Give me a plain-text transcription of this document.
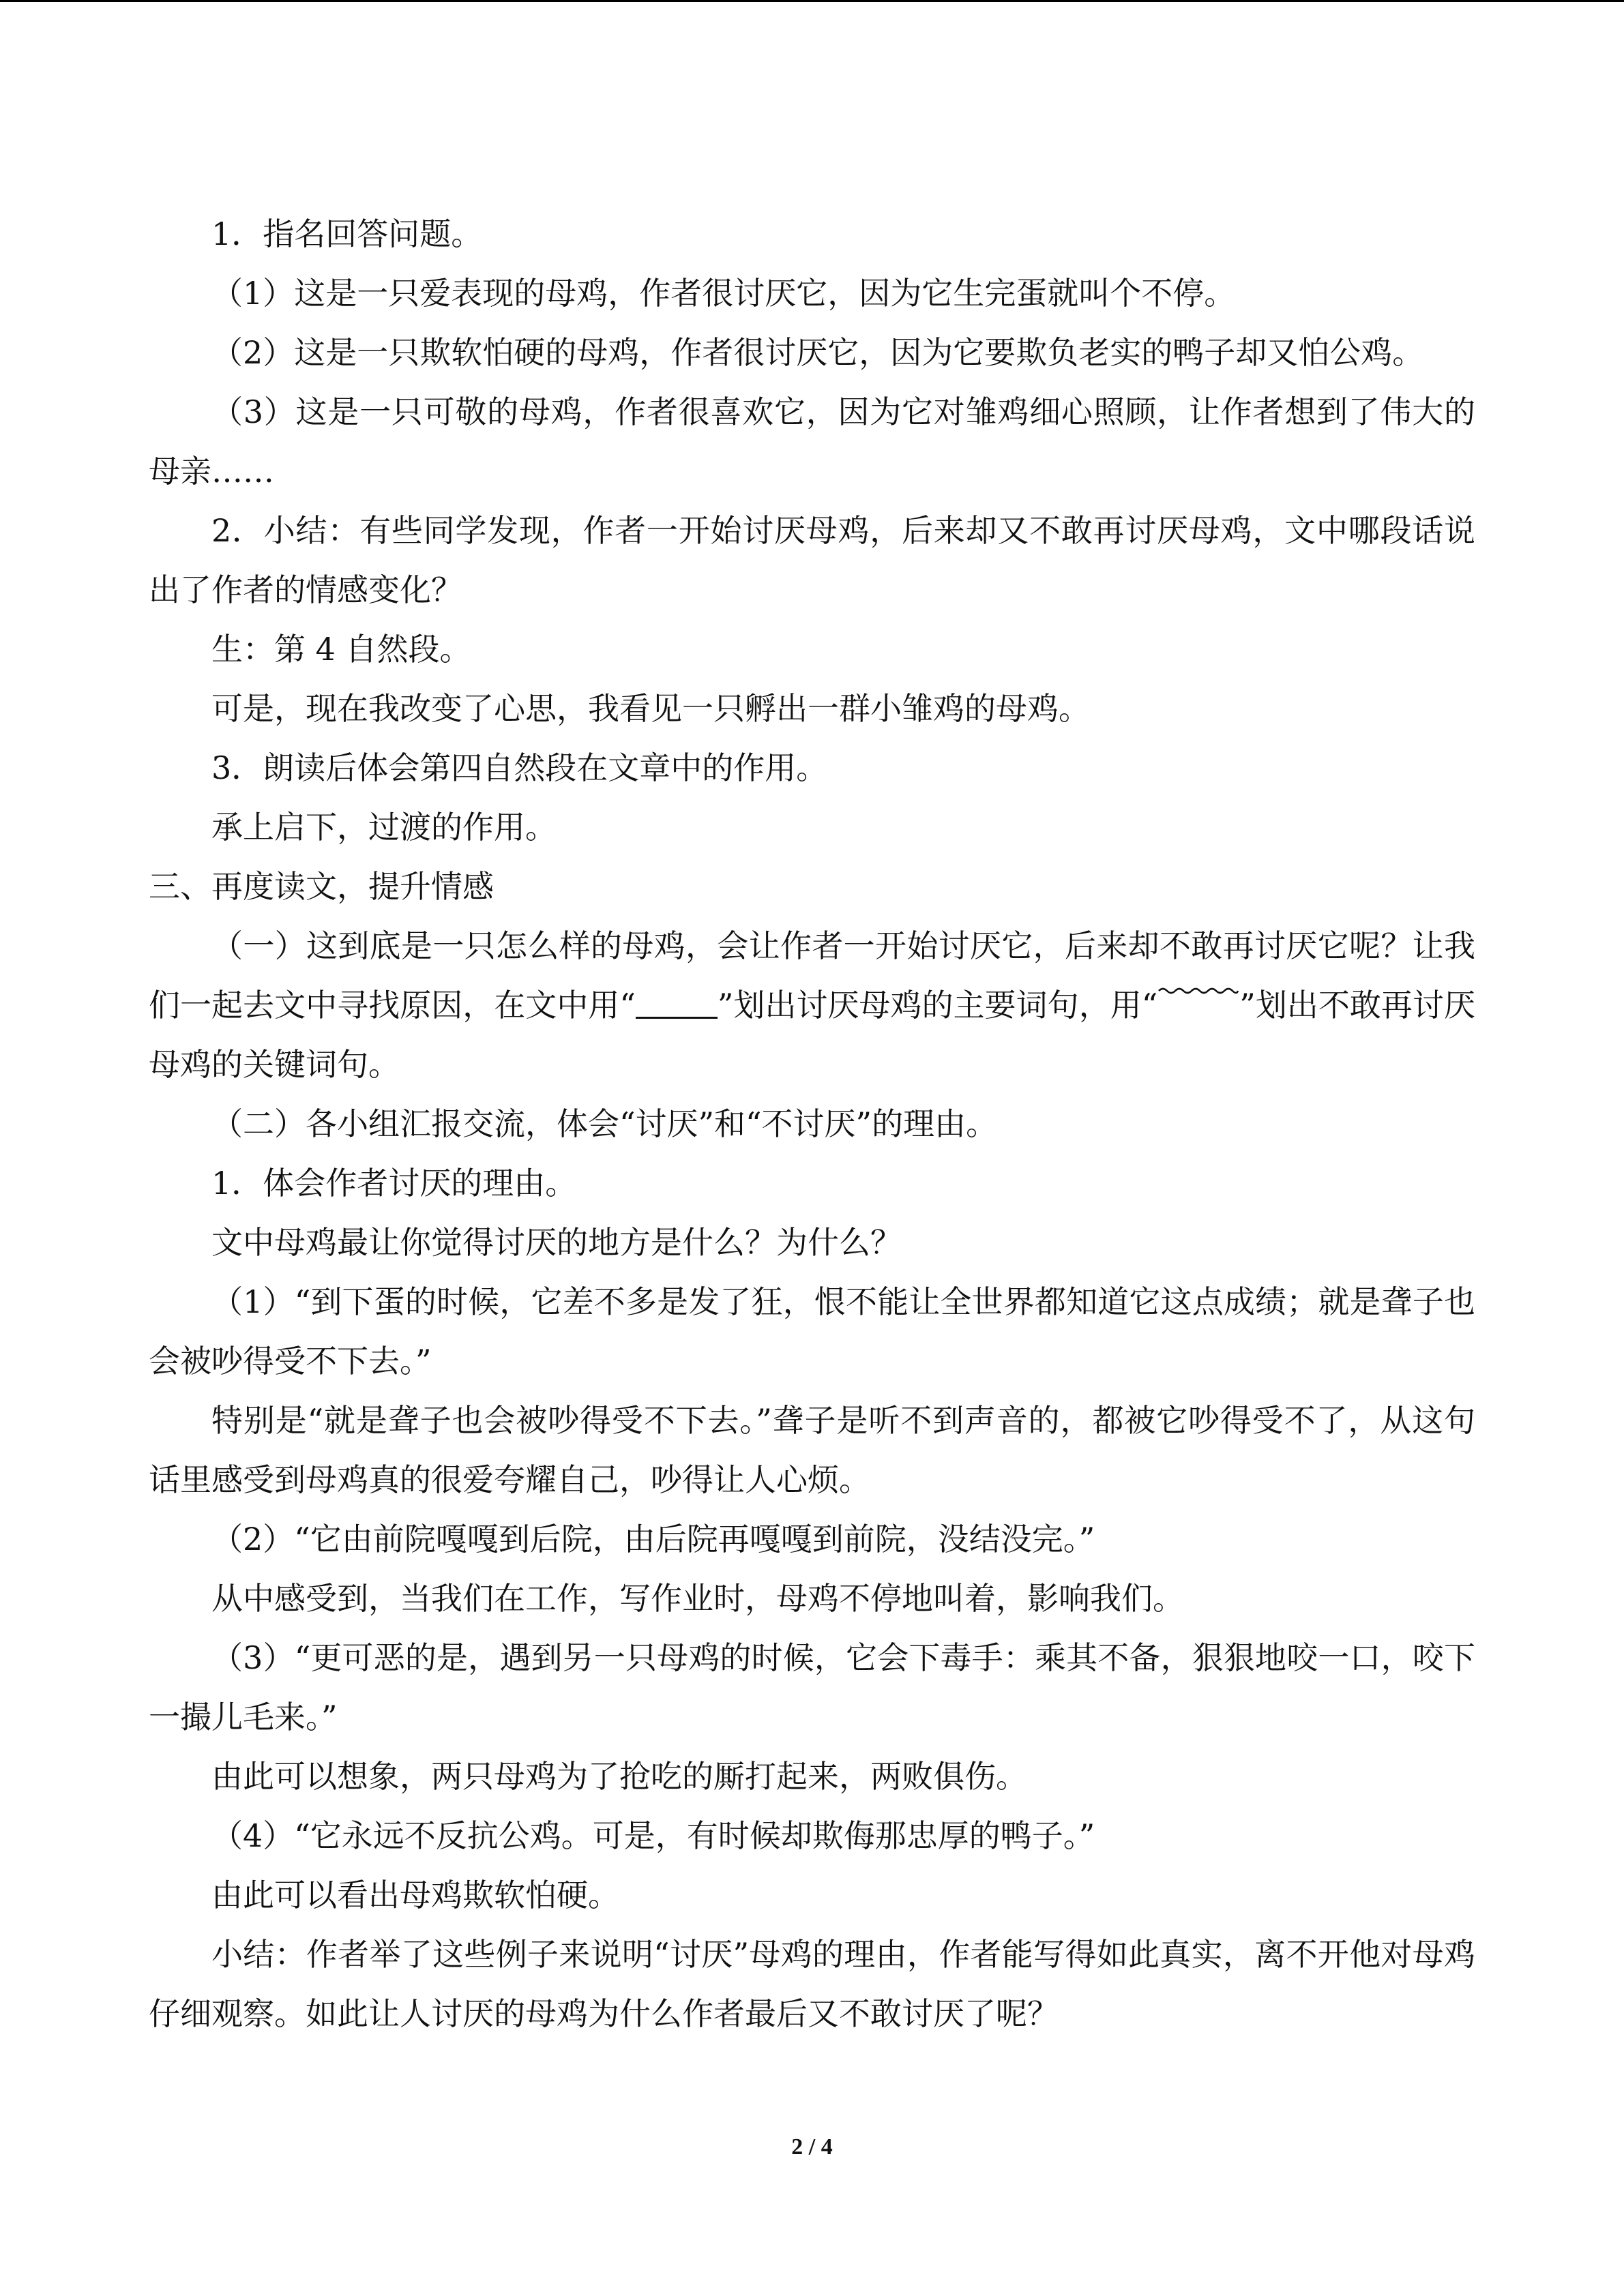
1．指名回答问题。

（1）这是一只爱表现的母鸡，作者很讨厌它，因为它生完蛋就叫个不停。

（2）这是一只欺软怕硬的母鸡，作者很讨厌它，因为它要欺负老实的鸭子却又怕公鸡。

（3）这是一只可敬的母鸡，作者很喜欢它，因为它对雏鸡细心照顾，让作者想到了伟大的母亲……

2．小结：有些同学发现，作者一开始讨厌母鸡，后来却又不敢再讨厌母鸡，文中哪段话说出了作者的情感变化？

生：第 4 自然段。

可是，现在我改变了心思，我看见一只孵出一群小雏鸡的母鸡。

3．朗读后体会第四自然段在文章中的作用。

承上启下，过渡的作用。

三、再度读文，提升情感

（一）这到底是一只怎么样的母鸡，会让作者一开始讨厌它，后来却不敢再讨厌它呢？让我们一起去文中寻找原因，在文中用“	”划出讨厌母鸡的主要词句，用“	”划出不敢再讨厌母鸡的关键词句。

（二）各小组汇报交流，体会“讨厌”和“不讨厌”的理由。

1．体会作者讨厌的理由。

文中母鸡最让你觉得讨厌的地方是什么？为什么？

（1）“到下蛋的时候，它差不多是发了狂，恨不能让全世界都知道它这点成绩；就是聋子也会被吵得受不下去。”

特别是“就是聋子也会被吵得受不下去。”聋子是听不到声音的，都被它吵得受不了，从这句话里感受到母鸡真的很爱夸耀自己，吵得让人心烦。

（2）“它由前院嘎嘎到后院，由后院再嘎嘎到前院，没结没完。”

从中感受到，当我们在工作，写作业时，母鸡不停地叫着，影响我们。

（3）“更可恶的是，遇到另一只母鸡的时候，它会下毒手：乘其不备，狠狠地咬一口，咬下一撮儿毛来。”

由此可以想象，两只母鸡为了抢吃的厮打起来，两败俱伤。

（4）“它永远不反抗公鸡。可是，有时候却欺侮那忠厚的鸭子。”

由此可以看出母鸡欺软怕硬。

小结：作者举了这些例子来说明“讨厌”母鸡的理由，作者能写得如此真实，离不开他对母鸡仔细观察。如此让人讨厌的母鸡为什么作者最后又不敢讨厌了呢？

2 / 4
